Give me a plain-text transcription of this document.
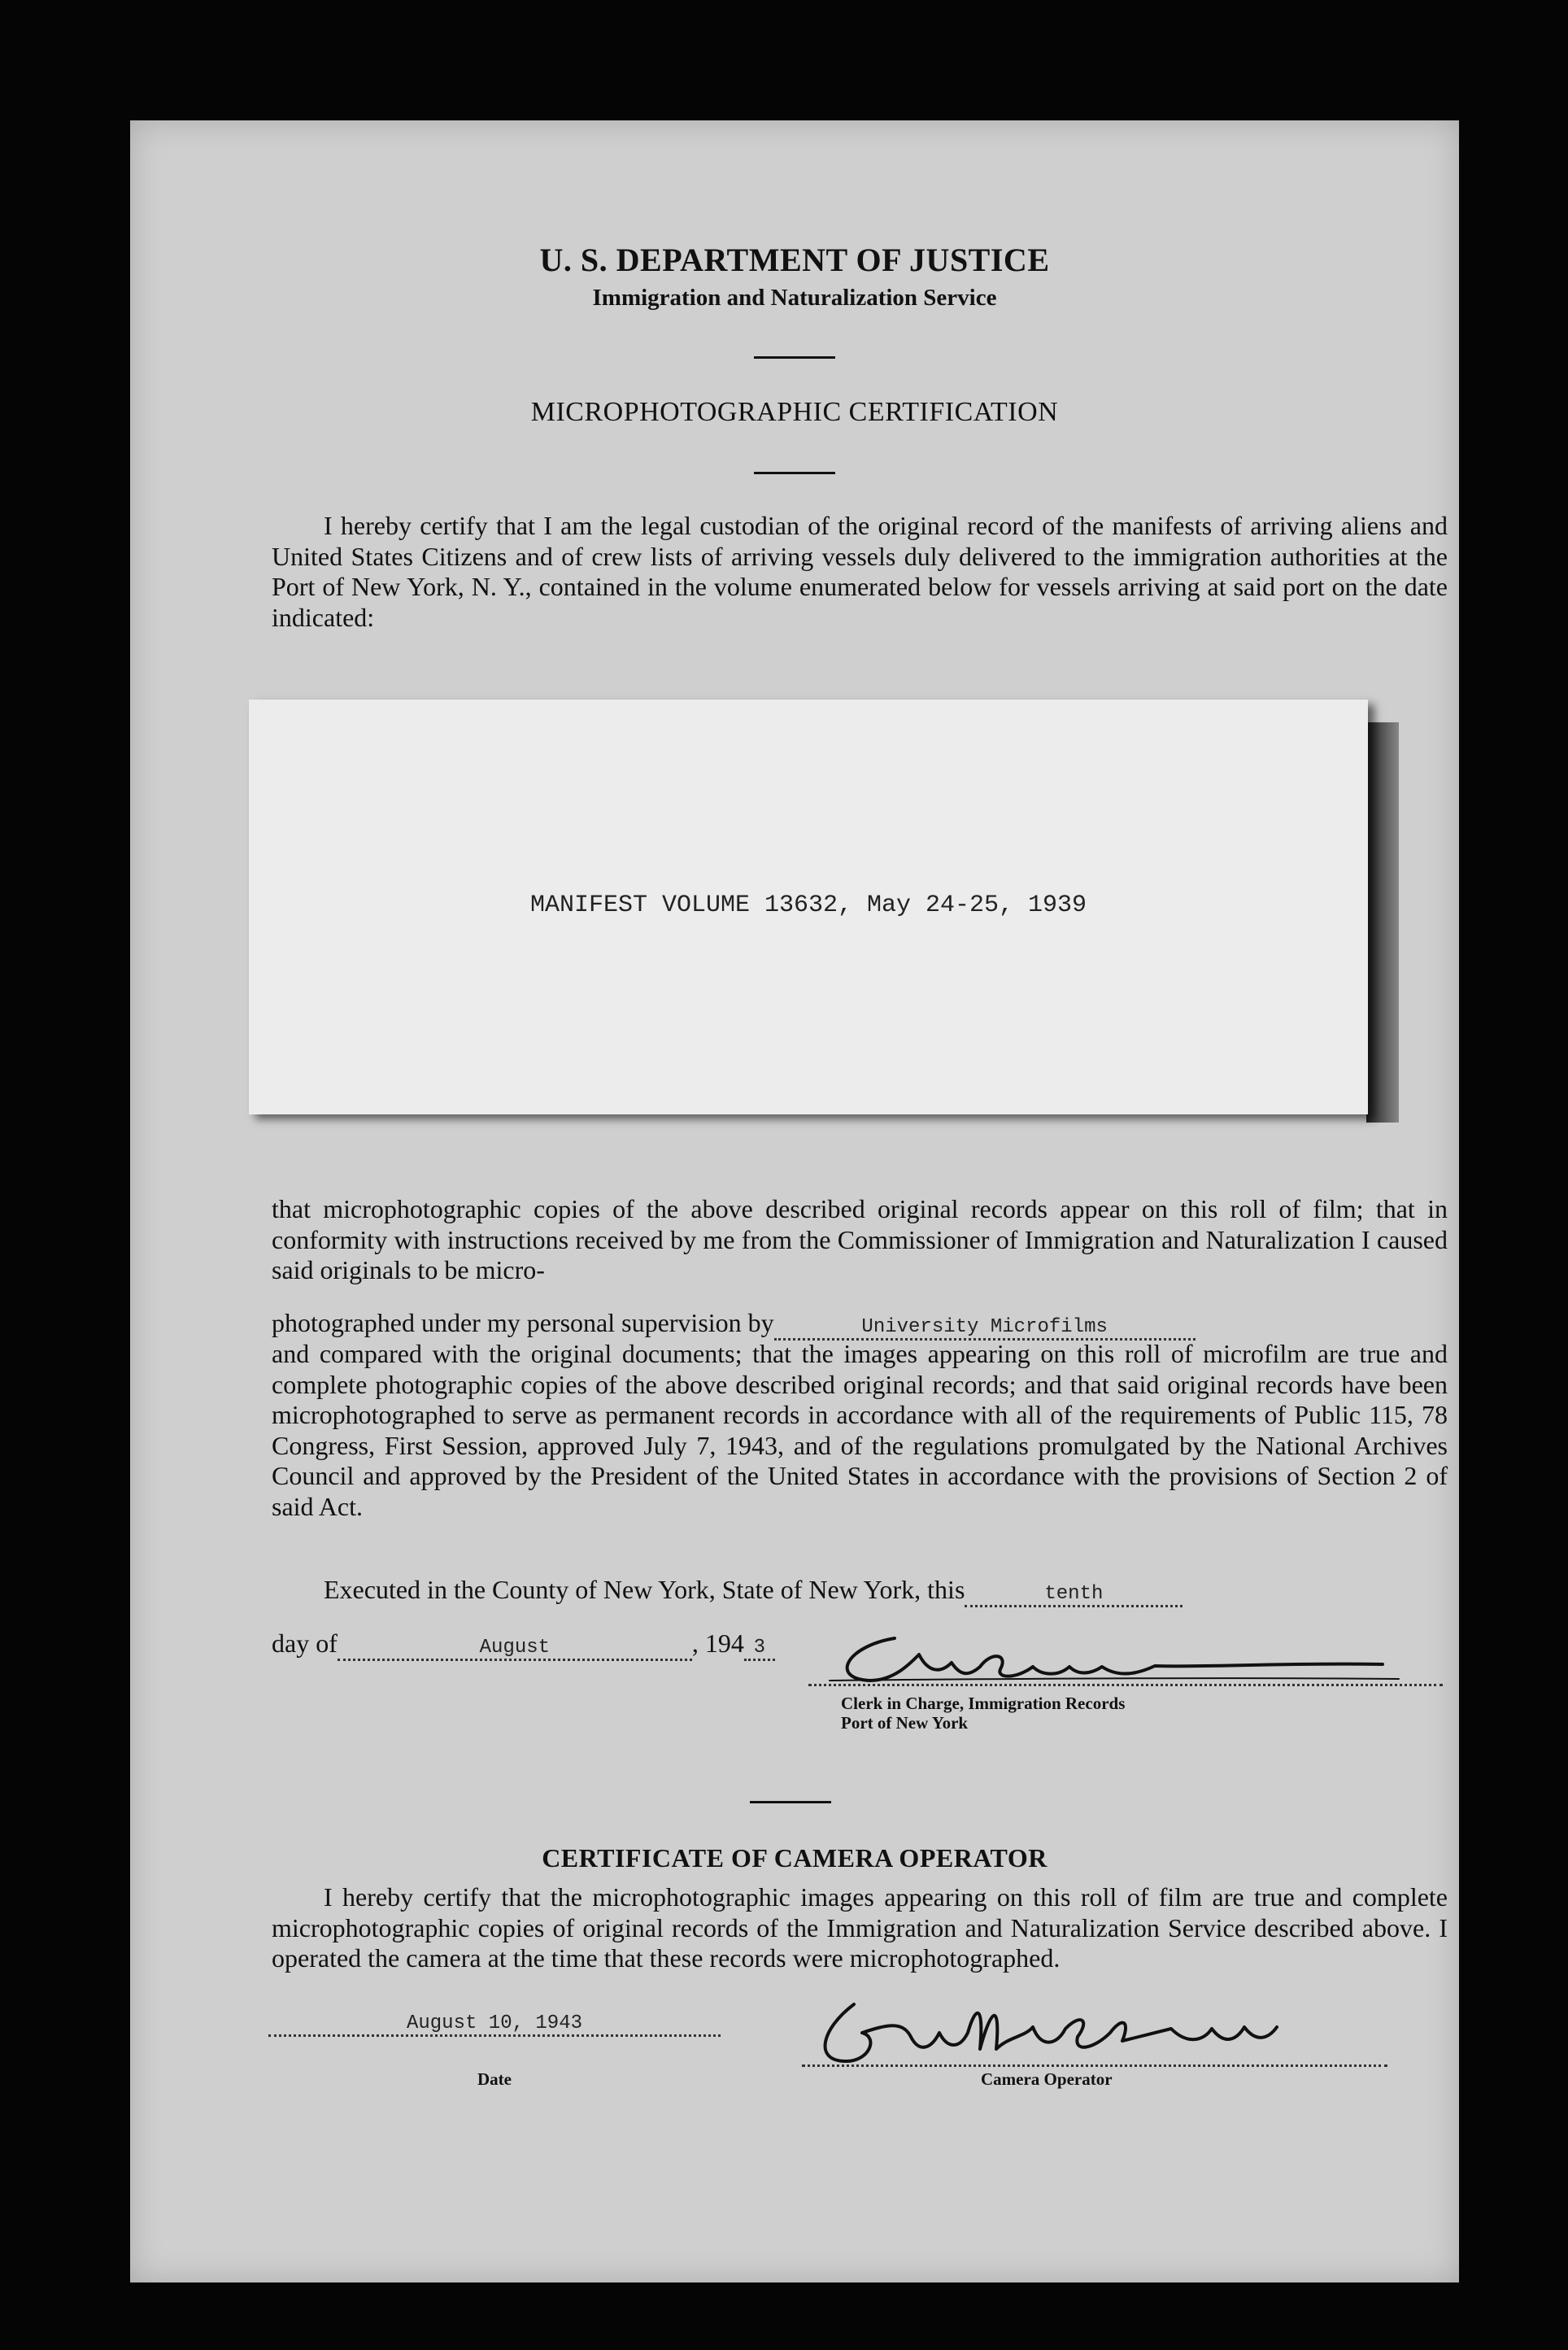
U. S. DEPARTMENT OF JUSTICE
Immigration and Naturalization Service
MICROPHOTOGRAPHIC CERTIFICATION

I hereby certify that I am the legal custodian of the original record of the manifests of arriving aliens and United States Citizens and of crew lists of arriving vessels duly delivered to the immigration authorities at the Port of New York, N. Y., contained in the volume enumerated below for vessels arriving at said port on the date indicated:

MANIFEST VOLUME 13632, May 24-25, 1939
that microphotographic copies of the above described original records appear on this roll of film; that in conformity with instructions received by me from the Commissioner of Immigration and Naturalization I caused said originals to be micro-
photographed under my personal supervision by	University Microfilms
and compared with the original documents; that the images appearing on this roll of microfilm are true and complete photographic copies of the above described original records; and that said original records have been microphotographed to serve as permanent records in accordance with all of the requirements of Public 115, 78 Congress, First Session, approved July 7, 1943, and of the regulations promulgated by the National Archives Council and approved by the President of the United States in accordance with the provisions of Section 2 of said Act.
Executed in the County of New York, State of New York, this	tenth
day of	August	, 194 3
Clerk in Charge, Immigration Records
Port of New York
CERTIFICATE OF CAMERA OPERATOR

I hereby certify that the microphotographic images appearing on this roll of film are true and complete microphotographic copies of original records of the Immigration and Naturalization Service described above. I operated the camera at the time that these records were microphotographed.

August 10, 1943
Date	Camera Operator
